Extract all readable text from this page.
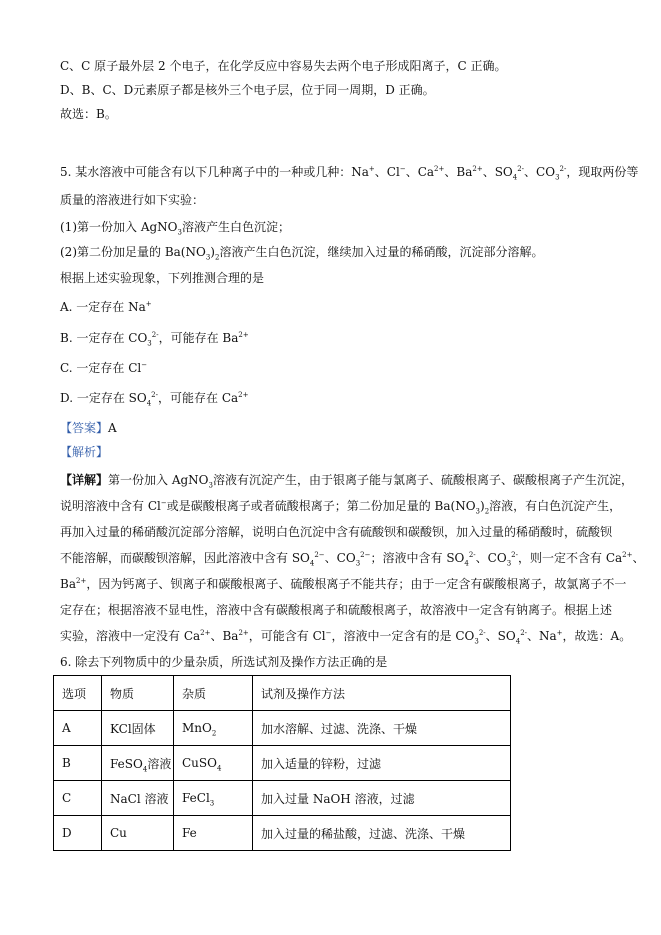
C、C 原子最外层 2 个电子，在化学反应中容易失去两个电子形成阳离子，C 正确。
D、B、C、D元素原子都是核外三个电子层，位于同一周期，D 正确。
故选：B。
5. 某水溶液中可能含有以下几种离子中的一种或几种：Na+、Cl−、$Ca^{2+}$、$Ba^{2+}$、$SO_4^{2-}$、$CO_3^{2-}$，现取两份等
质量的溶液进行如下实验：
(1)第一份加入 AgNO$_3$溶液产生白色沉淀；
(2)第二份加足量的 $Ba(NO_3)_2$溶液产生白色沉淀，继续加入过量的稀硝酸，沉淀部分溶解。
根据上述实验现象，下列推测合理的是
A. 一定存在 Na+
B. 一定存在 $CO_3^{2-}$，可能存在 $Ba^{2+}$
C. 一定存在 Cl−
D. 一定存在 $SO_4^{2-}$，可能存在 $Ca^{2+}$
【答案】A
【解析】
【详解】第一份加入 AgNO$_3$溶液有沉淀产生，由于银离子能与氯离子、硫酸根离子、碳酸根离子产生沉淀，
说明溶液中含有 Cl−或是碳酸根离子或者硫酸根离子；第二份加足量的 $Ba(NO_3)_2$溶液，有白色沉淀产生，
再加入过量的稀硝酸沉淀部分溶解，说明白色沉淀中含有硫酸钡和碳酸钡，加入过量的稀硝酸时，硫酸钡
不能溶解，而碳酸钡溶解，因此溶液中含有 $SO_4^{2-}$、$CO_3^{2-}$；溶液中含有 $SO_4^{2-}$、$CO_3^{2-}$，则一定不含有 $Ca^{2+}$、
$Ba^{2+}$，因为钙离子、钡离子和碳酸根离子、硫酸根离子不能共存；由于一定含有碳酸根离子，故氯离子不一
定存在；根据溶液不显电性，溶液中含有碳酸根离子和硫酸根离子，故溶液中一定含有钠离子。根据上述
实验，溶液中一定没有 $Ca^{2+}$、$Ba^{2+}$，可能含有 Cl−，溶液中一定含有的是 $CO_3^{2-}$、$SO_4^{2-}$、Na+，故选：A。
6. 除去下列物质中的少量杂质，所选试剂及操作方法正确的是
选项	物质	杂质	试剂及操作方法
A	KCl固体	MnO$_2$	加水溶解、过滤、洗涤、干燥
B	FeSO$_4$溶液	CuSO$_4$	加入适量的锌粉，过滤
C	NaCl 溶液	FeCl$_3$	加入过量 NaOH 溶液，过滤
D	Cu	Fe	加入过量的稀盐酸，过滤、洗涤、干燥
